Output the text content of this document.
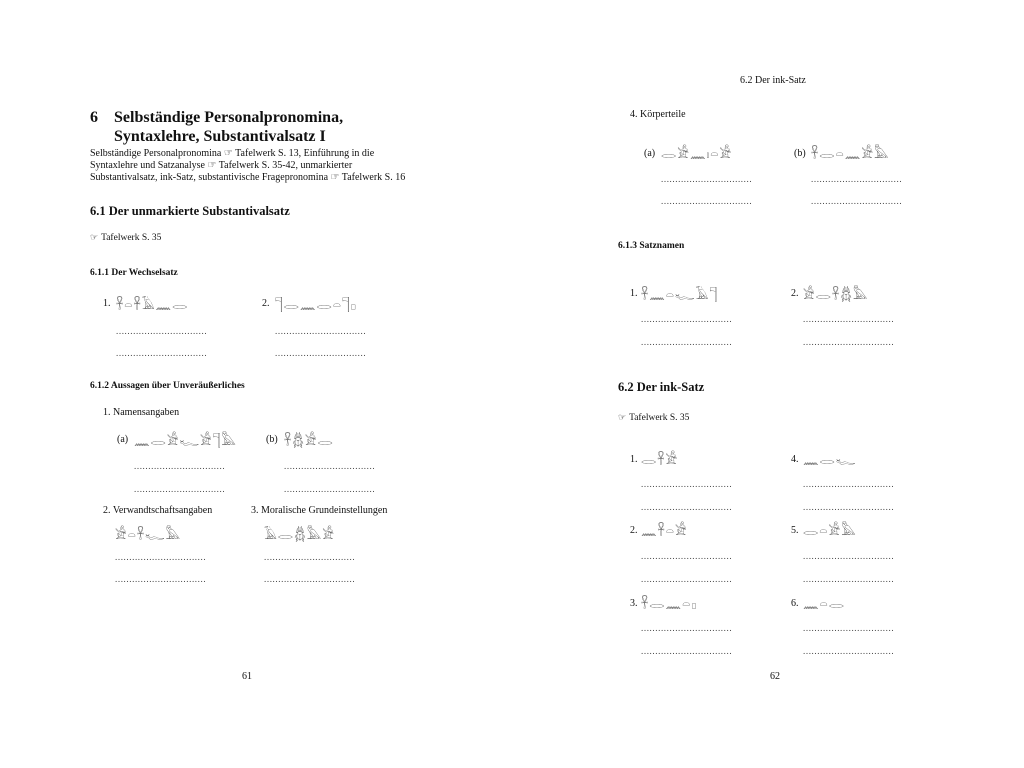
6 Selbständige Personalpronomina, Syntaxlehre, Substantivalsatz I
Selbständige Personalpronomina ☞ Tafelwerk S. 13, Einführung in die Syntaxlehre und Satzanalyse ☞ Tafelwerk S. 35-42, unmarkierter Substantivalsatz, ink-Satz, substantivische Fragepronomina ☞ Tafelwerk S. 16
6.1 Der unmarkierte Substantivalsatz
☞ Tafelwerk S. 35
6.1.1 Der Wechselsatz
1. 𓋹𓏏𓋹𓄿𓈖𓂋	2. 𓊹𓂋𓈖𓂋𓏏𓊹𓊪
................................	................................
................................	................................
6.1.2 Aussagen über Unveräußerliches
1. Namensangaben
(a) 𓈖𓂋𓀀𓆑𓀀𓊹𓅓	(b) 𓋹𓆣𓀀𓂋
................................	................................
................................	................................
2. Verwandtschaftsangaben	3. Moralische Grundeinstellungen
𓀀𓏏𓋹𓆑𓅓	𓄿𓂋𓆣𓅓𓀀
................................	................................
................................	................................
61
6.2 Der ink-Satz
4. Körperteile
(a) 𓂋𓀀𓈖𓏤𓏏𓀀	(b) 𓋹𓂋𓏏𓈖𓀀𓅓
................................	................................
................................	................................
6.1.3 Satznamen
1. 𓋹𓈖𓏏𓆑𓄿𓊹	2. 𓀀𓂋𓋹𓆣𓅓
................................	................................
................................	................................
6.2 Der ink-Satz
☞ Tafelwerk S. 35
1. 𓂋𓋹𓀀	4. 𓈖𓂋𓆑
................................	................................
................................	................................
2. 𓈖𓋹𓏏𓀀	5. 𓂋𓏏𓀀𓅓
................................	................................
................................	................................
3. 𓋹𓂋𓈖𓏏𓊪	6. 𓈖𓏏𓂋
................................	................................
................................	................................
62
